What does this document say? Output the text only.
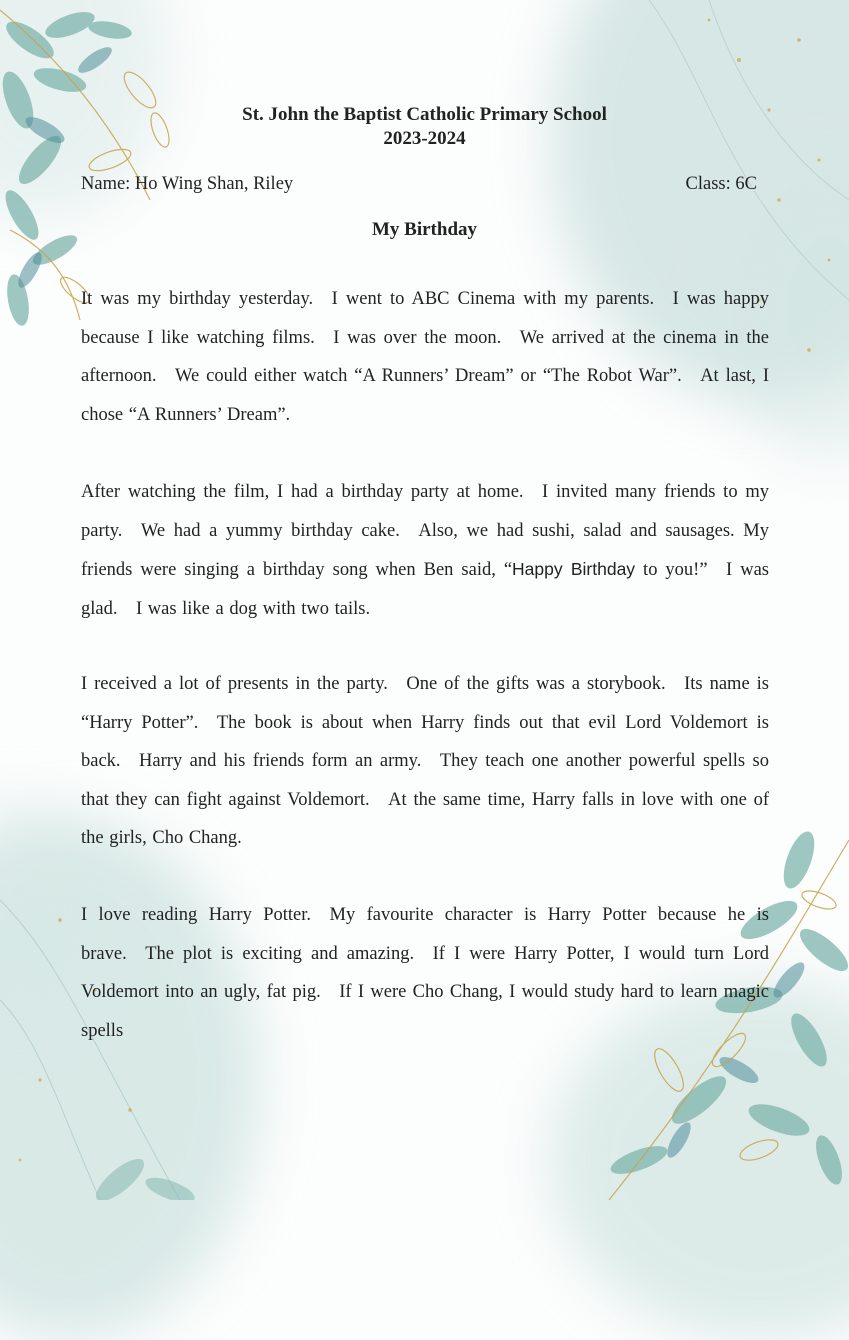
St. John the Baptist Catholic Primary School
2023-2024
Name: Ho Wing Shan, Riley	Class: 6C
My Birthday

It was my birthday yesterday. I went to ABC Cinema with my parents. I was happy because I like watching films. I was over the moon. We arrived at the cinema in the afternoon. We could either watch “A Runners’ Dream” or “The Robot War”. At last, I chose “A Runners’ Dream”.

After watching the film, I had a birthday party at home. I invited many friends to my party. We had a yummy birthday cake. Also, we had sushi, salad and sausages. My friends were singing a birthday song when Ben said, “Happy Birthday to you!” I was glad. I was like a dog with two tails.

I received a lot of presents in the party. One of the gifts was a storybook. Its name is “Harry Potter”. The book is about when Harry finds out that evil Lord Voldemort is back. Harry and his friends form an army. They teach one another powerful spells so that they can fight against Voldemort. At the same time, Harry falls in love with one of the girls, Cho Chang.

I love reading Harry Potter. My favourite character is Harry Potter because he is brave. The plot is exciting and amazing. If I were Harry Potter, I would turn Lord Voldemort into an ugly, fat pig. If I were Cho Chang, I would study hard to learn magic spells
